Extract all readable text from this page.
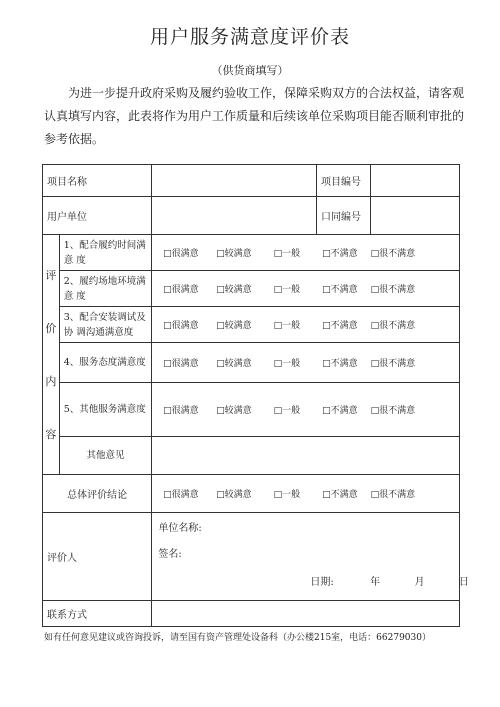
用户服务满意度评价表
（供货商填写）
为进一步提升政府采购及履约验收工作，保障采购双方的合法权益，请客观认真填写内容，此表将作为用户工作质量和后续该单位采购项目能否顺利审批的参考依据。
项目名称			项目编号	
用户单位			口同编号	

评
价
内
容	1、配合履约时间满意 度	□很满意 □较满意 □一般 □不满意 □很不满意		
	2、履约场地环境满意 度	□很满意 □较满意 □一般 □不满意 □很不满意		
	3、配合安装调试及协 调沟通满意度	□很满意 □较满意 □一般 □不满意 □很不满意		
	4、服务态度满意度	□很满意 □较满意 □一般 □不满意 □很不满意		
	5、其他服务满意度	□很满意 □较满意 □一般 □不满意 □很不满意		
	其他意见			
总体评价结论		□很满意 □较满意 □一般 □不满意 □很不满意		
评价人		单位名称:
签名:
日期: 年 月 日		

联系方式				
如有任何意见建议或咨询投诉，请至国有资产管理处设备科（办公楼215室，电话：66279030）
